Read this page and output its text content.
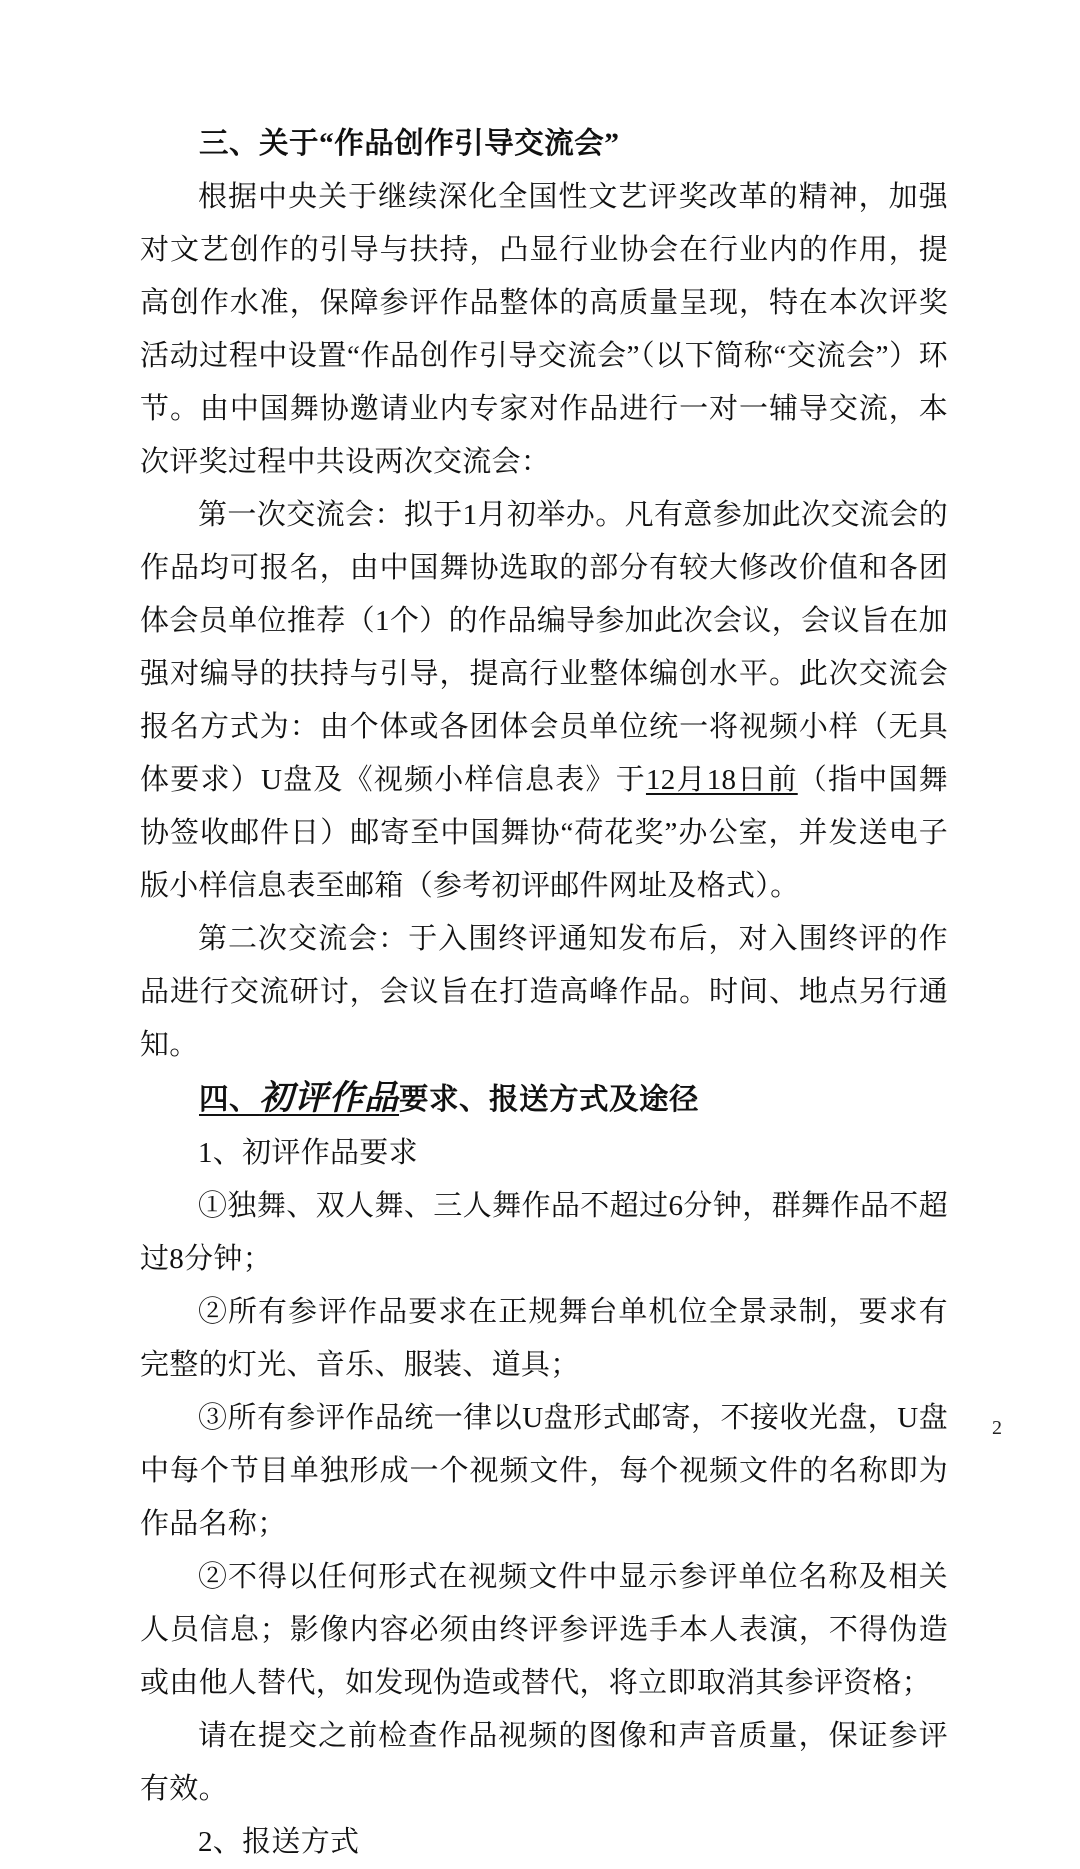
三、关于“作品创作引导交流会”

根据中央关于继续深化全国性文艺评奖改革的精神，加强对文艺创作的引导与扶持，凸显行业协会在行业内的作用，提高创作水准，保障参评作品整体的高质量呈现，特在本次评奖活动过程中设置“作品创作引导交流会”（以下简称“交流会”）环节。由中国舞协邀请业内专家对作品进行一对一辅导交流，本次评奖过程中共设两次交流会：

第一次交流会：拟于1月初举办。凡有意参加此次交流会的作品均可报名，由中国舞协选取的部分有较大修改价值和各团体会员单位推荐（1个）的作品编导参加此次会议，会议旨在加强对编导的扶持与引导，提高行业整体编创水平。此次交流会报名方式为：由个体或各团体会员单位统一将视频小样（无具体要求）U盘及《视频小样信息表》于12月18日前（指中国舞协签收邮件日）邮寄至中国舞协“荷花奖”办公室，并发送电子版小样信息表至邮箱（参考初评邮件网址及格式）。

第二次交流会：于入围终评通知发布后，对入围终评的作品进行交流研讨，会议旨在打造高峰作品。时间、地点另行通知。

四、初评作品要求、报送方式及途径

1、初评作品要求

①独舞、双人舞、三人舞作品不超过6分钟，群舞作品不超过8分钟；

②所有参评作品要求在正规舞台单机位全景录制，要求有完整的灯光、音乐、服装、道具；

③所有参评作品统一律以U盘形式邮寄，不接收光盘，U盘中每个节目单独形成一个视频文件，每个视频文件的名称即为作品名称；

②不得以任何形式在视频文件中显示参评单位名称及相关人员信息；影像内容必须由终评参评选手本人表演，不得伪造或由他人替代，如发现伪造或替代，将立即取消其参评资格；

请在提交之前检查作品视频的图像和声音质量，保证参评有效。

2、报送方式

2
